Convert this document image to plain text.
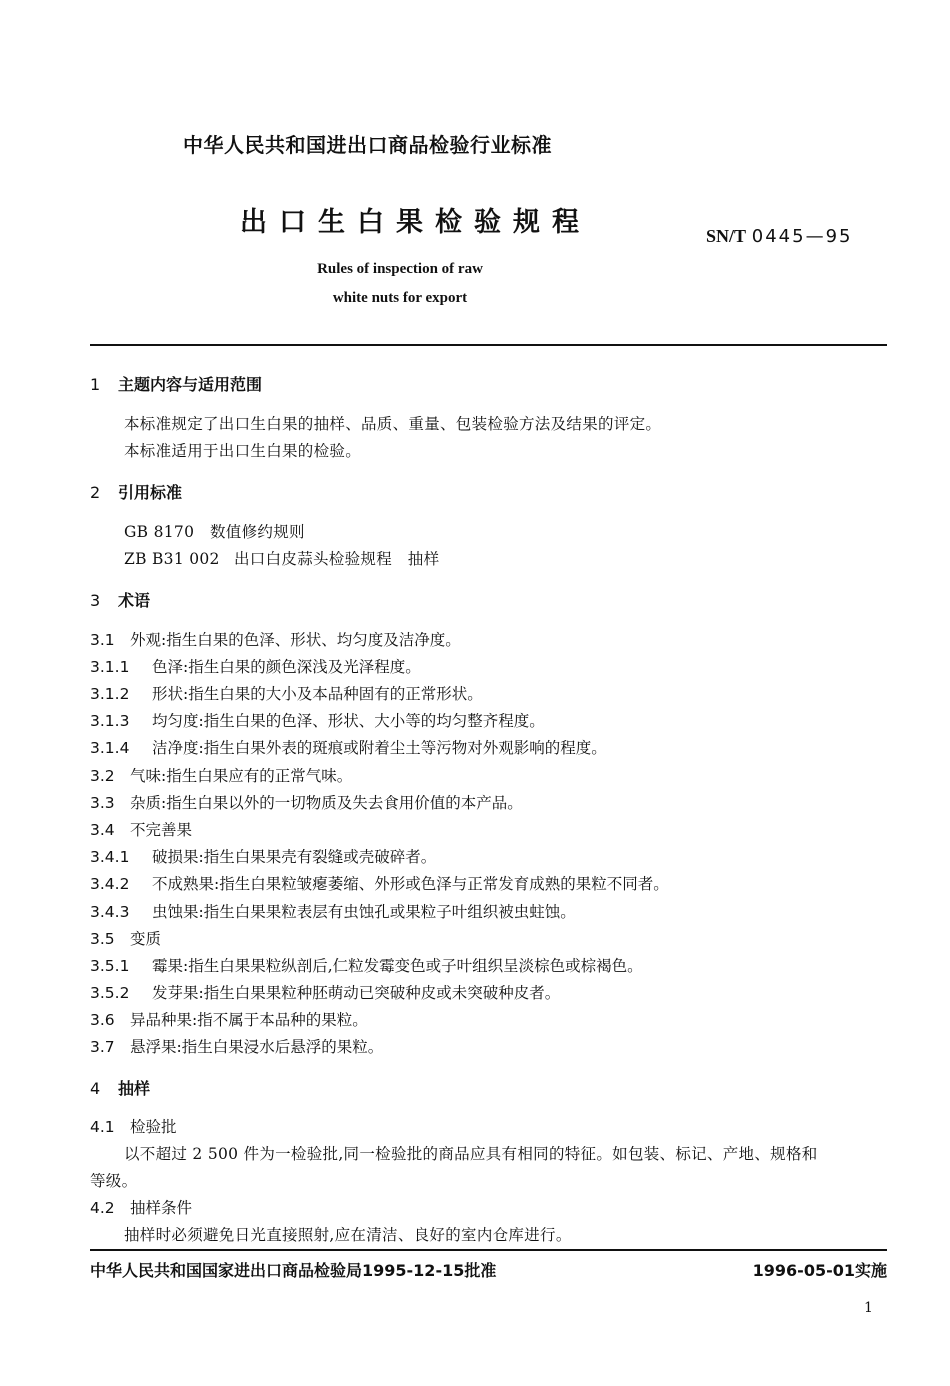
中华人民共和国进出口商品检验行业标准
出口生白果检验规程	SN/T 0445—95
Rules of inspection of raw
white nuts for export
1 主题内容与适用范围
本标准规定了出口生白果的抽样、品质、重量、包装检验方法及结果的评定。
本标准适用于出口生白果的检验。
2 引用标准
GB 8170 数值修约规则
ZB B31 002 出口白皮蒜头检验规程　抽样
3 术语
3.1 外观:指生白果的色泽、形状、均匀度及洁净度。
3.1.1 色泽:指生白果的颜色深浅及光泽程度。
3.1.2 形状:指生白果的大小及本品种固有的正常形状。
3.1.3 均匀度:指生白果的色泽、形状、大小等的均匀整齐程度。
3.1.4 洁净度:指生白果外表的斑痕或附着尘土等污物对外观影响的程度。
3.2 气味:指生白果应有的正常气味。
3.3 杂质:指生白果以外的一切物质及失去食用价值的本产品。
3.4 不完善果
3.4.1 破损果:指生白果果壳有裂缝或壳破碎者。
3.4.2 不成熟果:指生白果粒皱瘪萎缩、外形或色泽与正常发育成熟的果粒不同者。
3.4.3 虫蚀果:指生白果果粒表层有虫蚀孔或果粒子叶组织被虫蛀蚀。
3.5 变质
3.5.1 霉果:指生白果果粒纵剖后,仁粒发霉变色或子叶组织呈淡棕色或棕褐色。
3.5.2 发芽果:指生白果果粒种胚萌动已突破种皮或未突破种皮者。
3.6 异品种果:指不属于本品种的果粒。
3.7 悬浮果:指生白果浸水后悬浮的果粒。
4 抽样
4.1 检验批
以不超过 2 500 件为一检验批,同一检验批的商品应具有相同的特征。如包装、标记、产地、规格和
等级。
4.2 抽样条件
抽样时必须避免日光直接照射,应在清洁、良好的室内仓库进行。
中华人民共和国国家进出口商品检验局1995-12-15批准	1996-05-01实施
1
